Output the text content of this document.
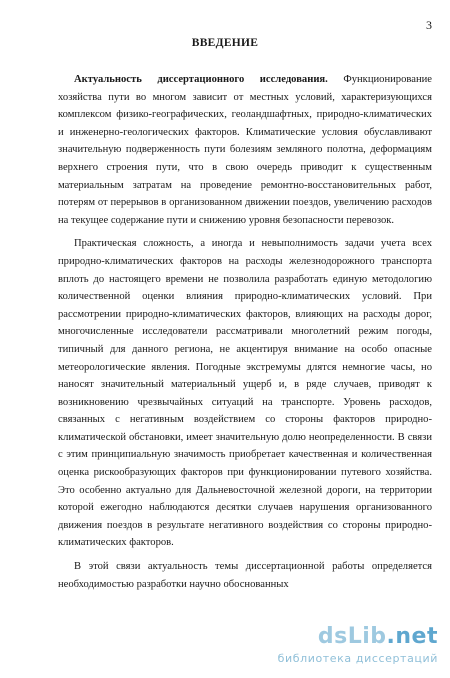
3
ВВЕДЕНИЕ

Актуальность диссертационного исследования. Функционирование хозяйства пути во многом зависит от местных условий, характеризующихся комплексом физико-географических, геоландшафтных, природно-климатических и инженерно-геологических факторов. Климатические условия обуславливают значительную подверженность пути болезиям земляного полотна, деформациям верхнего строения пути, что в свою очередь приводит к существенным материальным затратам на проведение ремонтно-восстановительных работ, потерям от перерывов в организованном движении поездов, увеличению расходов на текущее содержание пути и снижению уровня безопасности перевозок.

Практическая сложность, а иногда и невыполнимость задачи учета всех природно-климатических факторов на расходы железнодорожного транспорта вплоть до настоящего времени не позволила разработать единую методологию количественной оценки влияния природно-климатических условий. При рассмотрении природно-климатических факторов, влияющих на расходы дорог, многочисленные исследователи рассматривали многолетний режим погоды, типичный для данного региона, не акцентируя внимание на особо опасные метеорологические явления. Погодные экстремумы длятся немногие часы, но наносят значительный материальный ущерб и, в ряде случаев, приводят к возникновению чрезвычайных ситуаций на транспорте. Уровень расходов, связанных с негативным воздействием со стороны факторов природно-климатической обстановки, имеет значительную долю неопределенности. В связи с этим принципиальную значимость приобретает качественная и количественная оценка рискообразующих факторов при функционировании путевого хозяйства. Это особенно актуально для Дальневосточной железной дороги, на территории которой ежегодно наблюдаются десятки случаев нарушения организованного движения поездов в результате негативного воздействия со стороны природно-климатических факторов.

В этой связи актуальность темы диссертационной работы определяется необходимостью разработки научно обоснованных

dsLib.net
библиотека диссертаций
